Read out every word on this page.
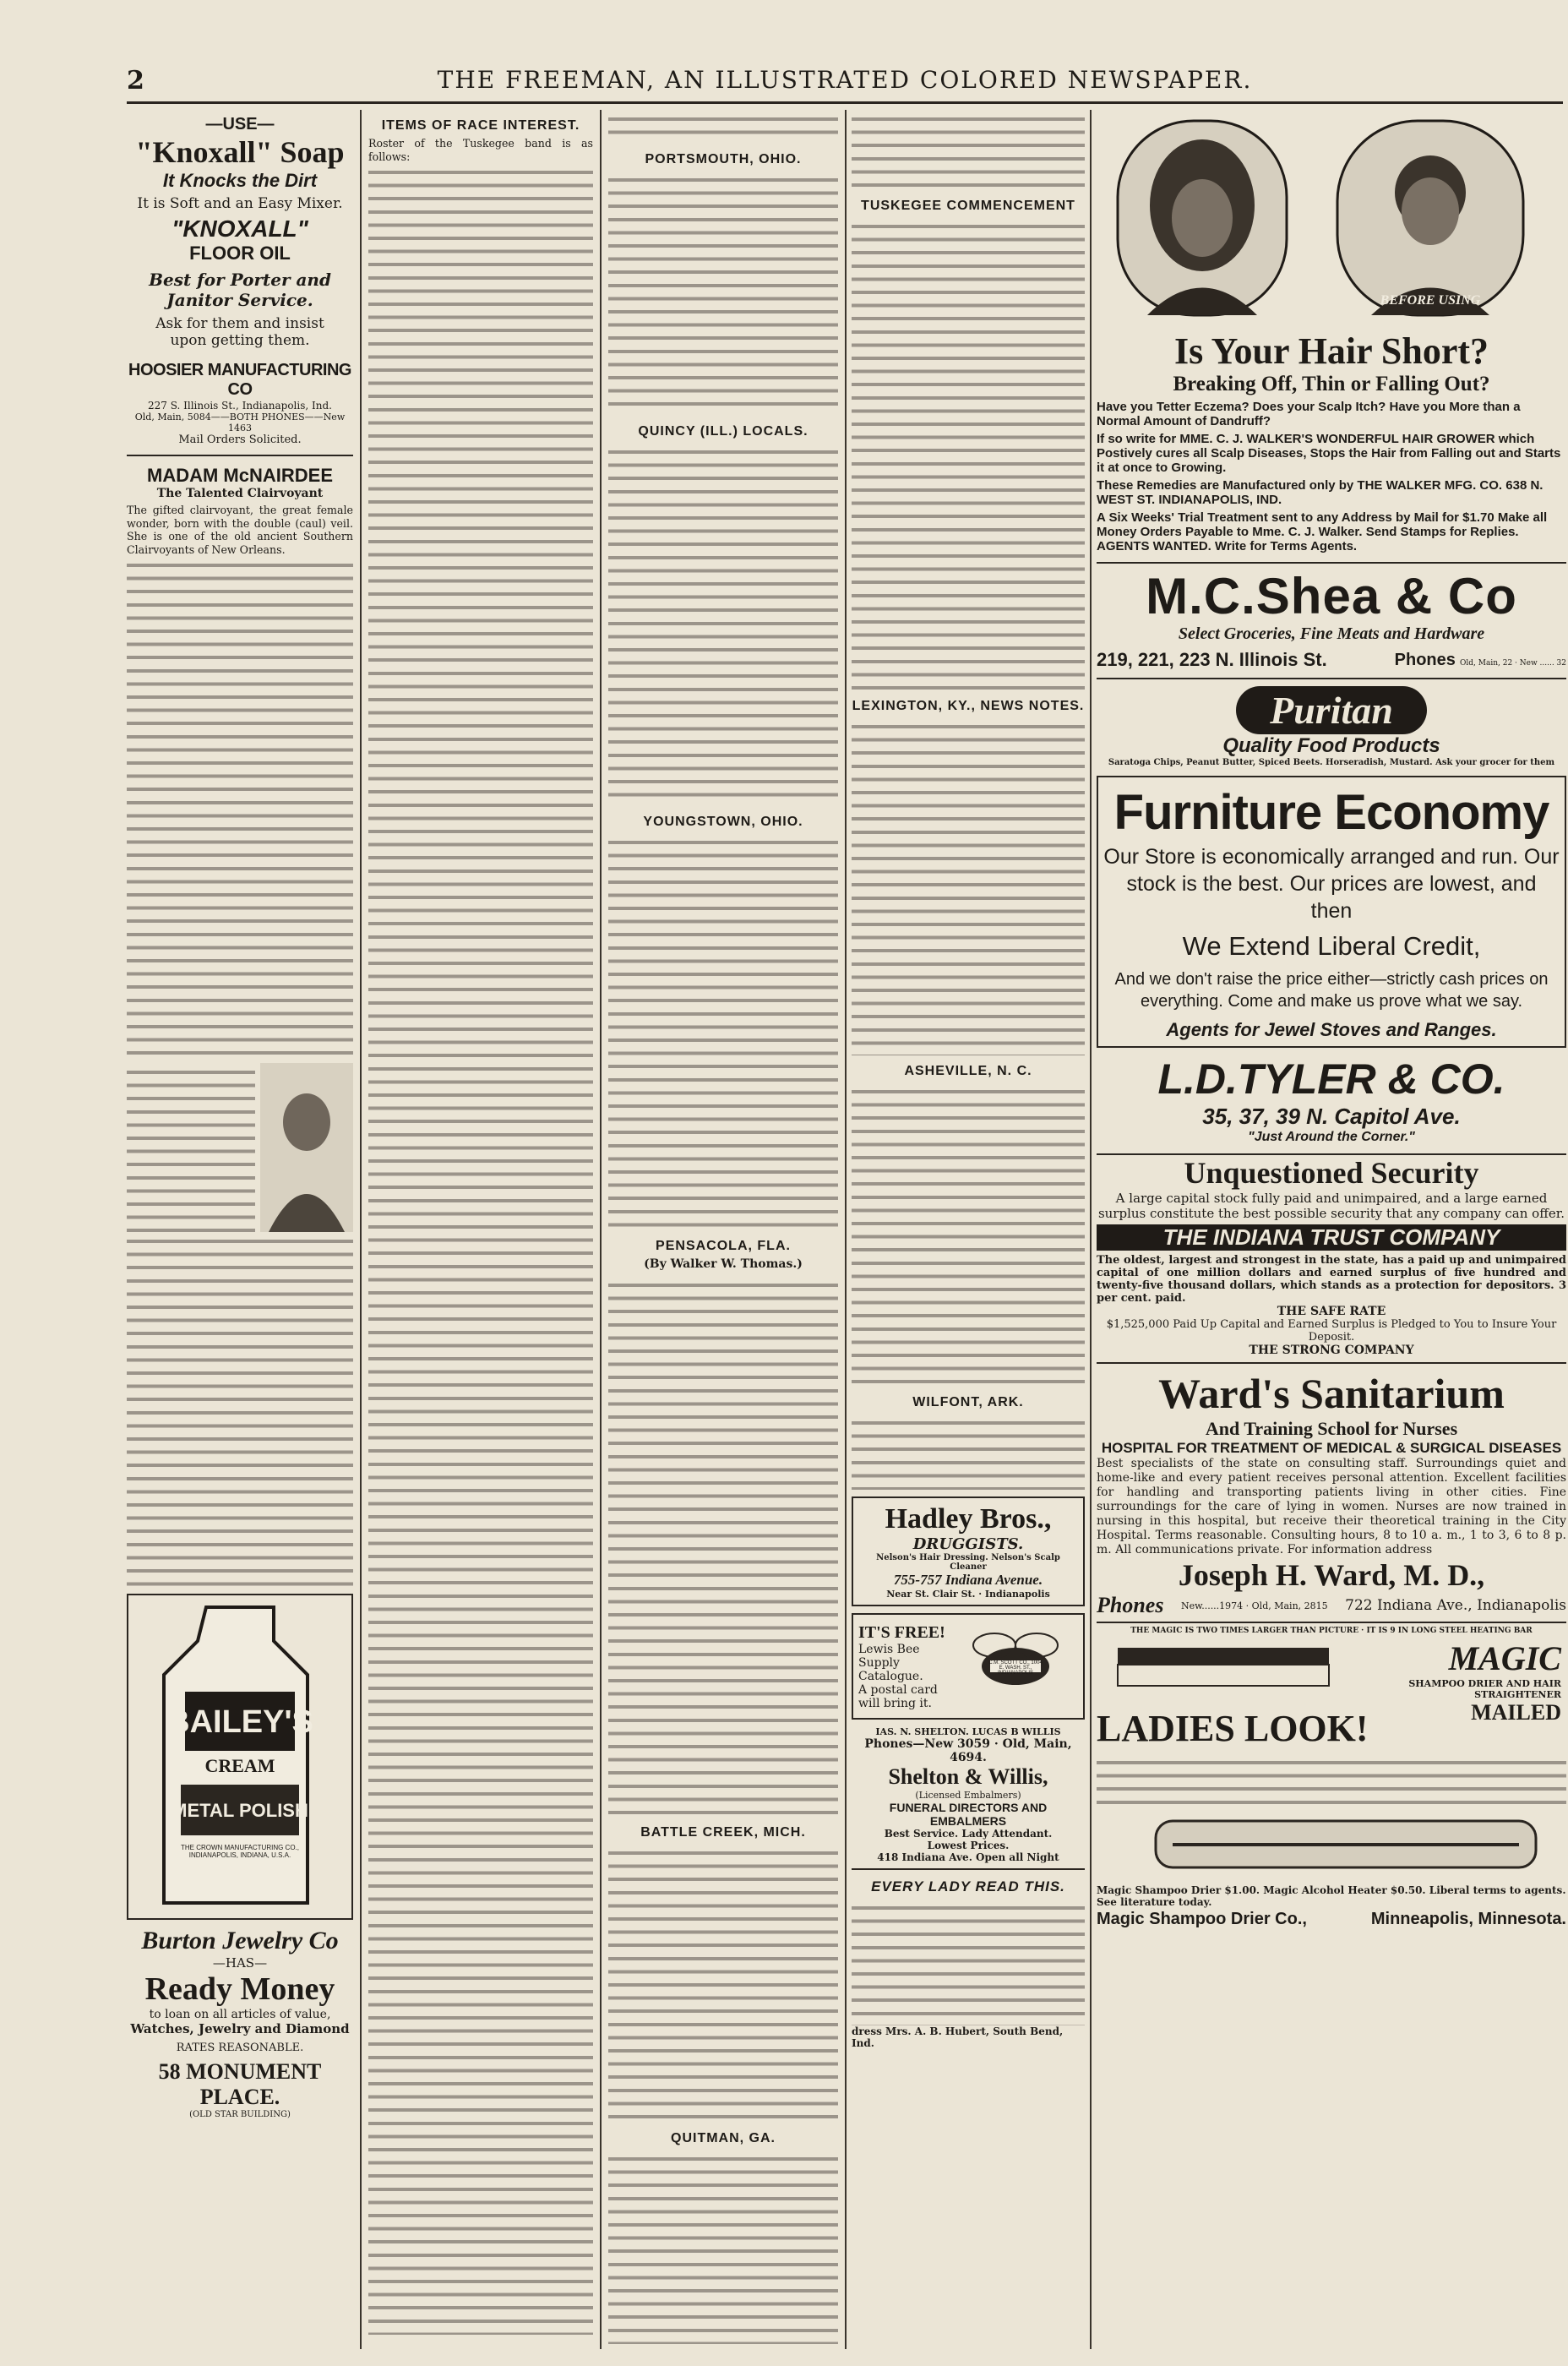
2	THE FREEMAN, AN ILLUSTRATED COLORED NEWSPAPER.
—USE—
"Knoxall" Soap
It Knocks the Dirt
It is Soft and an Easy Mixer.
"KNOXALL"
FLOOR OIL
Best for Porter and Janitor Service.
Ask for them and insist upon getting them.
HOOSIER MANUFACTURING CO
227 S. Illinois St., Indianapolis, Ind.
Old, Main, 5084——BOTH PHONES——New 1463
Mail Orders Solicited.
MADAM McNAIRDEE
The Talented Clairvoyant

The gifted clairvoyant, the great female wonder, born with the double (caul) veil. She is one of the old ancient Southern Clairvoyants of New Orleans.

BAILEY'S
CREAM
METAL POLISH
THE CROWN MANUFACTURING CO., INDIANAPOLIS, INDIANA, U.S.A.
Burton Jewelry Co
—HAS—
Ready Money
to loan on all articles of value,
Watches, Jewelry and Diamond
RATES REASONABLE.
58 MONUMENT PLACE.
(OLD STAR BUILDING)
ITEMS OF RACE INTEREST.

Roster of the Tuskegee band is as follows:	PORTSMOUTH, OHIO.
QUINCY (ILL.) LOCALS.
YOUNGSTOWN, OHIO.
PENSACOLA, FLA.
(By Walker W. Thomas.)
BATTLE CREEK, MICH.
QUITMAN, GA.
TUSKEGEE COMMENCEMENT
LEXINGTON, KY., NEWS NOTES.
ASHEVILLE, N. C.
WILFONT, ARK.
Hadley Bros.,
DRUGGISTS.
Nelson's Hair Dressing. Nelson's Scalp Cleaner
755-757 Indiana Avenue.
Near St. Clair St. · Indianapolis
IT'S FREE!
Lewis Bee Supply Catalogue.
A postal card will bring it.
C.M. SCOTT CO., 1004 E. WASH. ST., INDIANAPOLIS
IAS. N. SHELTON. LUCAS B WILLIS
Phones—New 3059 · Old, Main, 4694.
Shelton & Willis,
(Licensed Embalmers)
FUNERAL DIRECTORS AND EMBALMERS
Best Service. Lady Attendant.
Lowest Prices.
418 Indiana Ave. Open all Night
EVERY LADY READ THIS.
dress Mrs. A. B. Hubert, South Bend, Ind.
BEFORE USING
Is Your Hair Short?
Breaking Off, Thin or Falling Out?
Have you Tetter Eczema? Does your Scalp Itch? Have you More than a Normal Amount of Dandruff?
If so write for MME. C. J. WALKER'S WONDERFUL HAIR GROWER which Postively cures all Scalp Diseases, Stops the Hair from Falling out and Starts it at once to Growing.
These Remedies are Manufactured only by THE WALKER MFG. CO. 638 N. WEST ST. INDIANAPOLIS, IND.
A Six Weeks' Trial Treatment sent to any Address by Mail for $1.70 Make all Money Orders Payable to Mme. C. J. Walker. Send Stamps for Replies. AGENTS WANTED. Write for Terms Agents.
M.C.Shea & Co
Select Groceries, Fine Meats and Hardware
219, 221, 223 N. Illinois St.	Phones Old, Main, 22 · New ...... 32
Puritan
Quality Food Products
Saratoga Chips, Peanut Butter, Spiced Beets. Horseradish, Mustard. Ask your grocer for them
Furniture Economy
Our Store is economically arranged and run. Our stock is the best. Our prices are lowest, and then
We Extend Liberal Credit,
And we don't raise the price either—strictly cash prices on everything. Come and make us prove what we say.
Agents for Jewel Stoves and Ranges.
L.D.TYLER & CO.
35, 37, 39 N. Capitol Ave.
"Just Around the Corner."
Unquestioned Security
A large capital stock fully paid and unimpaired, and a large earned surplus constitute the best possible security that any company can offer.
THE INDIANA TRUST COMPANY
The oldest, largest and strongest in the state, has a paid up and unimpaired capital of one million dollars and earned surplus of five hundred and twenty-five thousand dollars, which stands as a protection for depositors. 3 per cent. paid.
THE SAFE RATE
$1,525,000 Paid Up Capital and Earned Surplus is Pledged to You to Insure Your Deposit.
THE STRONG COMPANY
Ward's Sanitarium
And Training School for Nurses
HOSPITAL FOR TREATMENT OF MEDICAL & SURGICAL DISEASES
Best specialists of the state on consulting staff. Surroundings quiet and home-like and every patient receives personal attention. Excellent facilities for handling and transporting patients living in other cities. Fine surroundings for the care of lying in women. Nurses are now trained in nursing in this hospital, but receive their theoretical training in the City Hospital. Terms reasonable. Consulting hours, 8 to 10 a. m., 1 to 3, 6 to 8 p. m. All communications private. For information address
Joseph H. Ward, M. D.,
Phones New......1974 · Old, Main, 2815 722 Indiana Ave., Indianapolis
THE MAGIC IS TWO TIMES LARGER THAN PICTURE · IT IS 9 IN LONG STEEL HEATING BAR
MAGIC
SHAMPOO DRIER AND HAIR STRAIGHTENER
MAILED
LADIES LOOK!
Magic Shampoo Drier $1.00. Magic Alcohol Heater $0.50. Liberal terms to agents. See literature today.
Magic Shampoo Drier Co.,	Minneapolis, Minnesota.
